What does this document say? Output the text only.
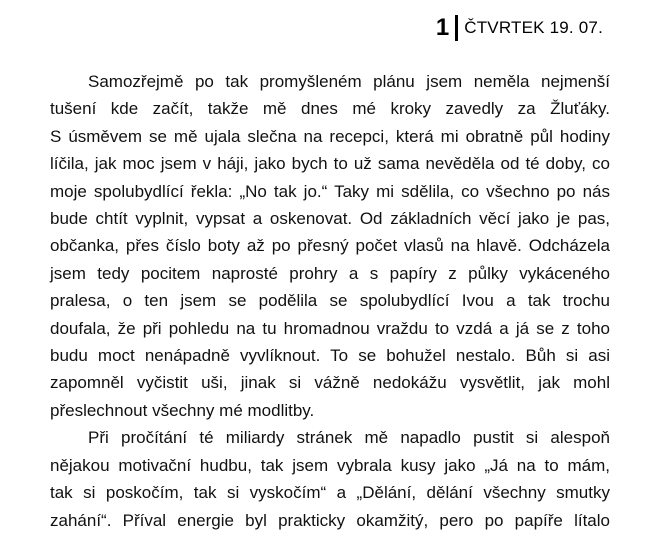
1 ČTVRTEK 19. 07.
Samozřejmě po tak promyšleném plánu jsem neměla nejmenší
tušení kde začít, takže mě dnes mé kroky zavedly za Žluťáky.
S úsměvem se mě ujala slečna na recepci, která mi obratně půl hodiny
líčila, jak moc jsem v háji, jako bych to už sama nevěděla od té doby, co
moje spolubydlící řekla: „No tak jo.“ Taky mi sdělila, co všechno po nás
bude chtít vyplnit, vypsat a oskenovat. Od základních věcí jako je pas,
občanka, přes číslo boty až po přesný počet vlasů na hlavě. Odcházela
jsem tedy pocitem naprosté prohry a s papíry z půlky vykáceného
pralesa, o ten jsem se podělila se spolubydlící Ivou a tak trochu
doufala, že při pohledu na tu hromadnou vraždu to vzdá a já se z toho
budu moct nenápadně vyvlíknout. To se bohužel nestalo. Bůh si asi
zapomněl vyčistit uši, jinak si vážně nedokážu vysvětlit, jak mohl
přeslechnout všechny mé modlitby.
Při pročítání té miliardy stránek mě napadlo pustit si alespoň
nějakou motivační hudbu, tak jsem vybrala kusy jako „Já na to mám,
tak si poskočím, tak si vyskočím“ a „Dělání, dělání všechny smutky
zahání“. Příval energie byl prakticky okamžitý, pero po papíře lítalo
